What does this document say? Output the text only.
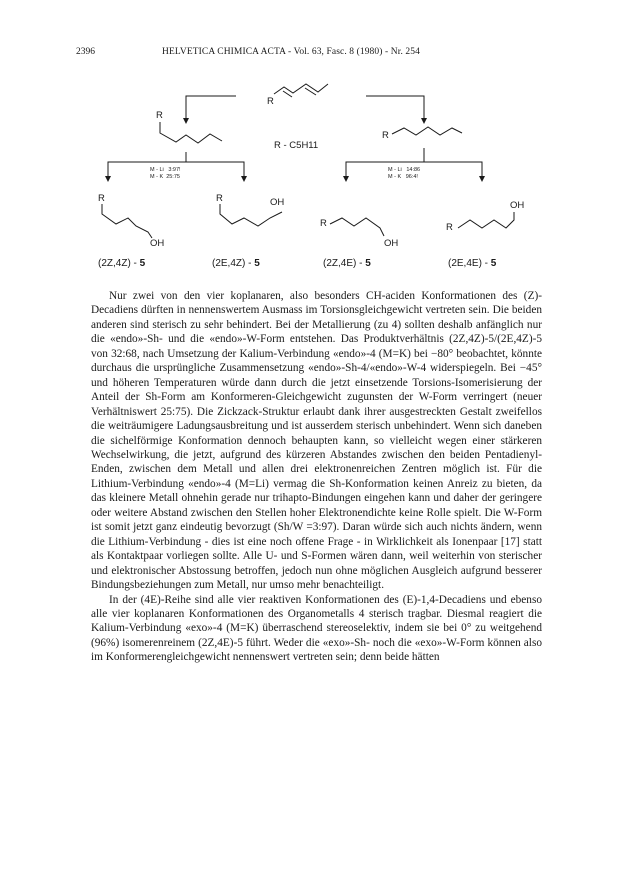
2396	HELVETICA CHIMICA ACTA - Vol. 63, Fasc. 8 (1980) - Nr. 254
R
R - C5H11
R
R
M - Li   3:97!
M - K  25:75
M - Li   14:86
M - K   96:4!
R
OH
R	OH
R
OH
R
OH
(2Z,4Z) - 5	(2E,4Z) - 5	(2Z,4E) - 5	(2E,4E) - 5

Nur zwei von den vier koplanaren, also besonders CH-aciden Konformationen des (Z)-Decadiens dürften in nennenswertem Ausmass im Torsionsgleichgewicht vertreten sein. Die beiden anderen sind sterisch zu sehr behindert. Bei der Metallierung (zu 4) sollten deshalb anfänglich nur die «endo»-Sh- und die «endo»-W-Form entstehen. Das Produktverhältnis (2Z,4Z)-5/(2E,4Z)-5 von 32:68, nach Umsetzung der Kalium-Verbindung «endo»-4 (M=K) bei −80° beobachtet, könnte durchaus die ursprüngliche Zusammensetzung «endo»-Sh-4/«endo»-W-4 widerspiegeln. Bei −45° und höheren Temperaturen würde dann durch die jetzt einsetzende Torsions-Isomerisierung der Anteil der Sh-Form am Konformeren-Gleichgewicht zugunsten der W-Form verringert (neuer Verhältniswert 25:75). Die Zickzack-Struktur erlaubt dank ihrer ausgestreckten Gestalt zweifellos die weiträumigere Ladungsausbreitung und ist ausserdem sterisch unbehindert. Wenn sich daneben die sichelförmige Konformation dennoch behaupten kann, so vielleicht wegen einer stärkeren Wechselwirkung, die jetzt, aufgrund des kürzeren Abstandes zwischen den beiden Pentadienyl-Enden, zwischen dem Metall und allen drei elektronenreichen Zentren möglich ist. Für die Lithium-Verbindung «endo»-4 (M=Li) vermag die Sh-Konformation keinen Anreiz zu bieten, da das kleinere Metall ohnehin gerade nur trihapto-Bindungen eingehen kann und daher der geringere oder weitere Abstand zwischen den Stellen hoher Elektronendichte keine Rolle spielt. Die W-Form ist somit jetzt ganz eindeutig bevorzugt (Sh/W =3:97). Daran würde sich auch nichts ändern, wenn die Lithium-Verbindung - dies ist eine noch offene Frage - in Wirklichkeit als Ionenpaar [17] statt als Kontaktpaar vorliegen sollte. Alle U- und S-Formen wären dann, weil weiterhin von sterischer und elektronischer Abstossung betroffen, jedoch nun ohne möglichen Ausgleich aufgrund besserer Bindungsbeziehungen zum Metall, nur umso mehr benachteiligt.

In der (4E)-Reihe sind alle vier reaktiven Konformationen des (E)-1,4-Decadiens und ebenso alle vier koplanaren Konformationen des Organometalls 4 sterisch tragbar. Diesmal reagiert die Kalium-Verbindung «exo»-4 (M=K) überraschend stereoselektiv, indem sie bei 0° zu weitgehend (96%) isomerenreinem (2Z,4E)-5 führt. Weder die «exo»-Sh- noch die «exo»-W-Form können also im Konformerengleichgewicht nennenswert vertreten sein; denn beide hätten
